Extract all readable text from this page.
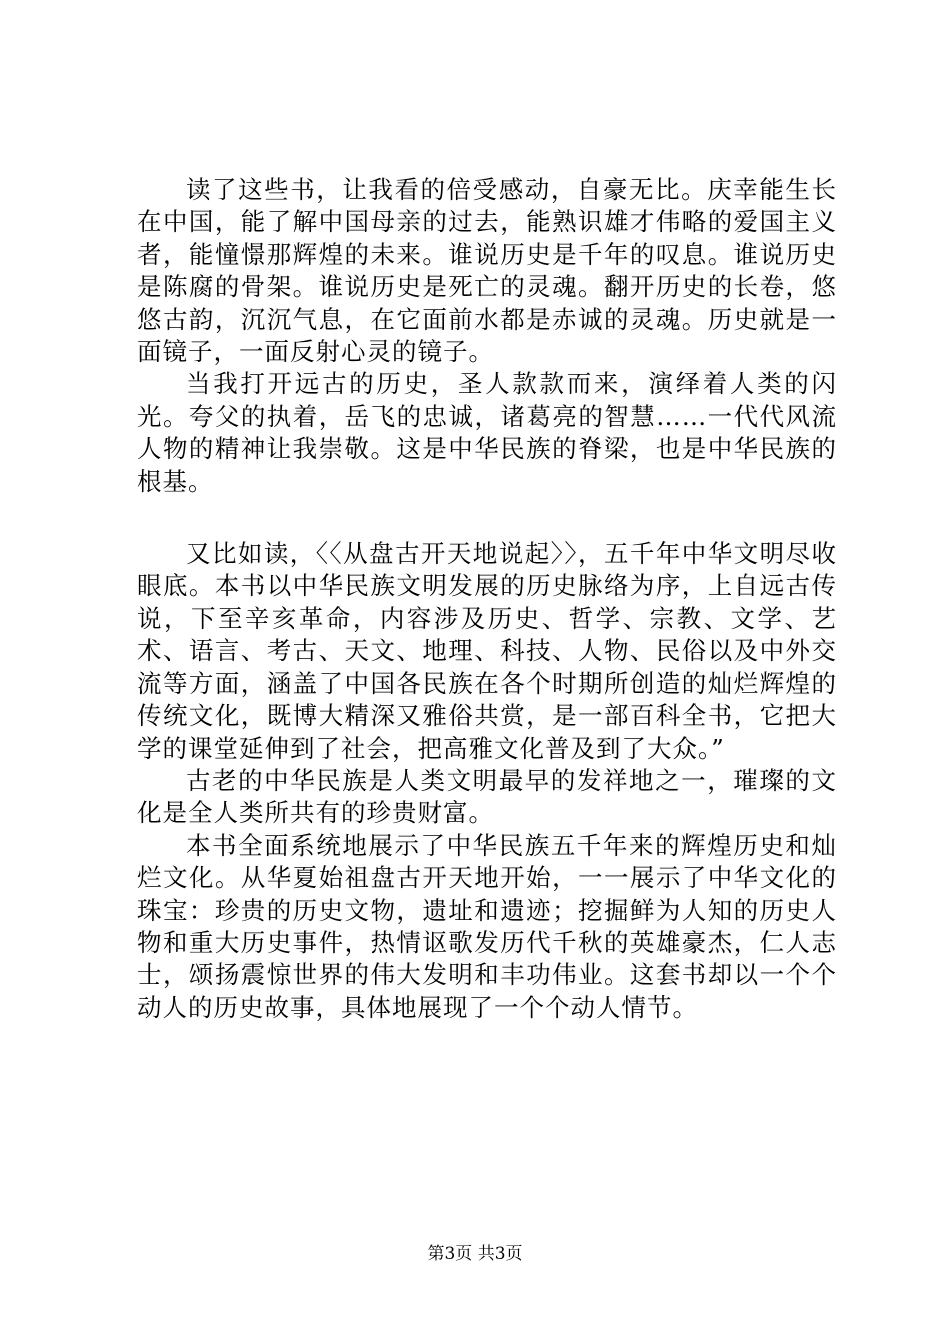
读了这些书，让我看的倍受感动，自豪无比。庆幸能生长在中国，能了解中国母亲的过去，能熟识雄才伟略的爱国主义者，能憧憬那辉煌的未来。谁说历史是千年的叹息。谁说历史是陈腐的骨架。谁说历史是死亡的灵魂。翻开历史的长卷，悠悠古韵，沉沉气息，在它面前水都是赤诚的灵魂。历史就是一面镜子，一面反射心灵的镜子。

当我打开远古的历史，圣人款款而来，演绎着人类的闪光。夸父的执着，岳飞的忠诚，诸葛亮的智慧……一代代风流人物的精神让我崇敬。这是中华民族的脊梁，也是中华民族的根基。

又比如读，〈〈从盘古开天地说起〉〉，五千年中华文明尽收眼底。本书以中华民族文明发展的历史脉络为序，上自远古传说，下至辛亥革命，内容涉及历史、哲学、宗教、文学、艺术、语言、考古、天文、地理、科技、人物、民俗以及中外交流等方面，涵盖了中国各民族在各个时期所创造的灿烂辉煌的传统文化，既博大精深又雅俗共赏，是一部百科全书，它把大学的课堂延伸到了社会，把高雅文化普及到了大众。”

古老的中华民族是人类文明最早的发祥地之一，璀璨的文化是全人类所共有的珍贵财富。

本书全面系统地展示了中华民族五千年来的辉煌历史和灿烂文化。从华夏始祖盘古开天地开始，一一展示了中华文化的珠宝：珍贵的历史文物，遗址和遗迹；挖掘鲜为人知的历史人物和重大历史事件，热情讴歌发历代千秋的英雄豪杰，仁人志士，颂扬震惊世界的伟大发明和丰功伟业。这套书却以一个个动人的历史故事，具体地展现了一个个动人情节。

第3页 共3页
